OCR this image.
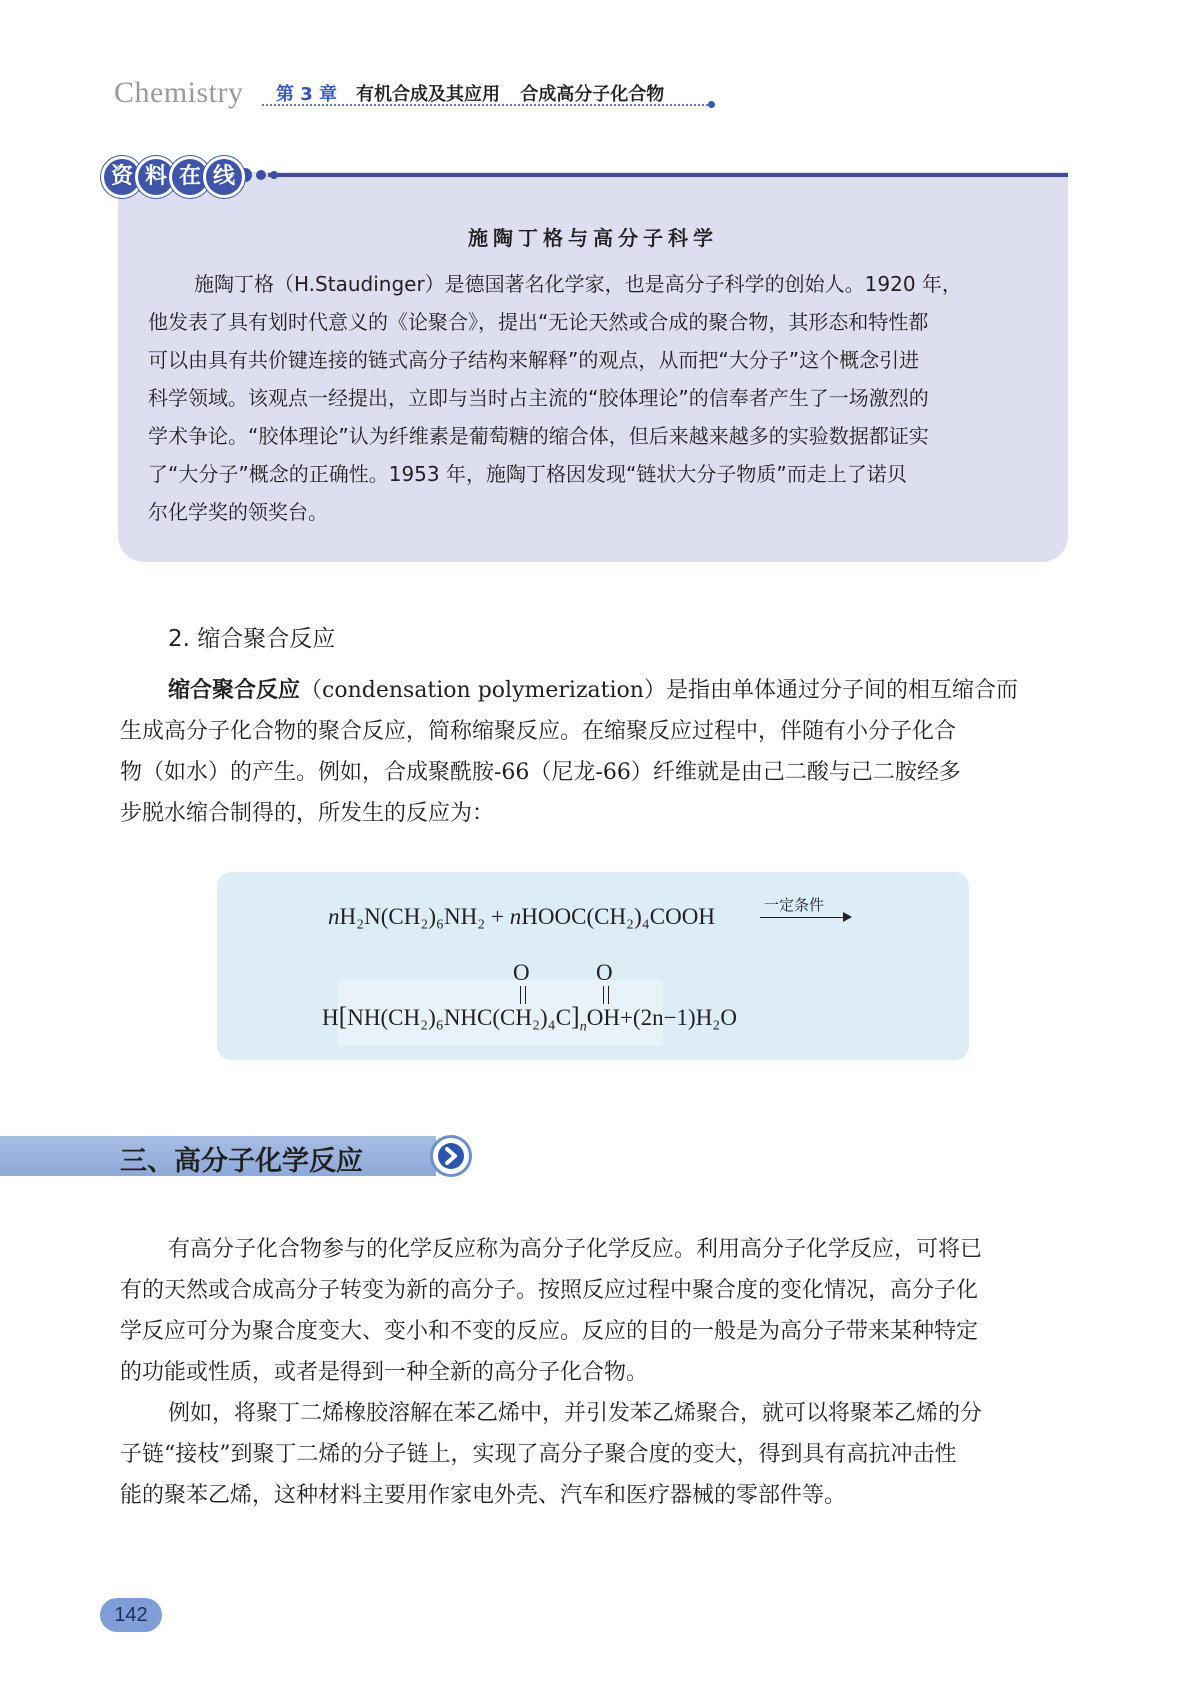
Chemistry 第 3 章 有机合成及其应用 合成高分子化合物
资 料 在 线
施陶丁格与高分子科学
施陶丁格（H.Staudinger）是德国著名化学家，也是高分子科学的创始人。1920 年，
他发表了具有划时代意义的《论聚合》，提出“无论天然或合成的聚合物，其形态和特性都
可以由具有共价键连接的链式高分子结构来解释”的观点，从而把“大分子”这个概念引进
科学领域。该观点一经提出，立即与当时占主流的“胶体理论”的信奉者产生了一场激烈的
学术争论。“胶体理论”认为纤维素是葡萄糖的缩合体，但后来越来越多的实验数据都证实
了“大分子”概念的正确性。1953 年，施陶丁格因发现“链状大分子物质”而走上了诺贝
尔化学奖的领奖台。
2. 缩合聚合反应
缩合聚合反应（condensation polymerization）是指由单体通过分子间的相互缩合而
生成高分子化合物的聚合反应，简称缩聚反应。在缩聚反应过程中，伴随有小分子化合
物（如水）的产生。例如，合成聚酰胺-66（尼龙-66）纤维就是由己二酸与己二胺经多
步脱水缩合制得的，所发生的反应为：
nH₂N(CH₂)₆NH₂ + nHOOC(CH₂)₄COOH	一定条件
O	O
$H[NH(CH_2)_6NHC(CH_2)_4C]_nOH+(2n-1)H_2O$
三、高分子化学反应
有高分子化合物参与的化学反应称为高分子化学反应。利用高分子化学反应，可将已
有的天然或合成高分子转变为新的高分子。按照反应过程中聚合度的变化情况，高分子化
学反应可分为聚合度变大、变小和不变的反应。反应的目的一般是为高分子带来某种特定
的功能或性质，或者是得到一种全新的高分子化合物。
例如，将聚丁二烯橡胶溶解在苯乙烯中，并引发苯乙烯聚合，就可以将聚苯乙烯的分
子链“接枝”到聚丁二烯的分子链上，实现了高分子聚合度的变大，得到具有高抗冲击性
能的聚苯乙烯，这种材料主要用作家电外壳、汽车和医疗器械的零部件等。
142
